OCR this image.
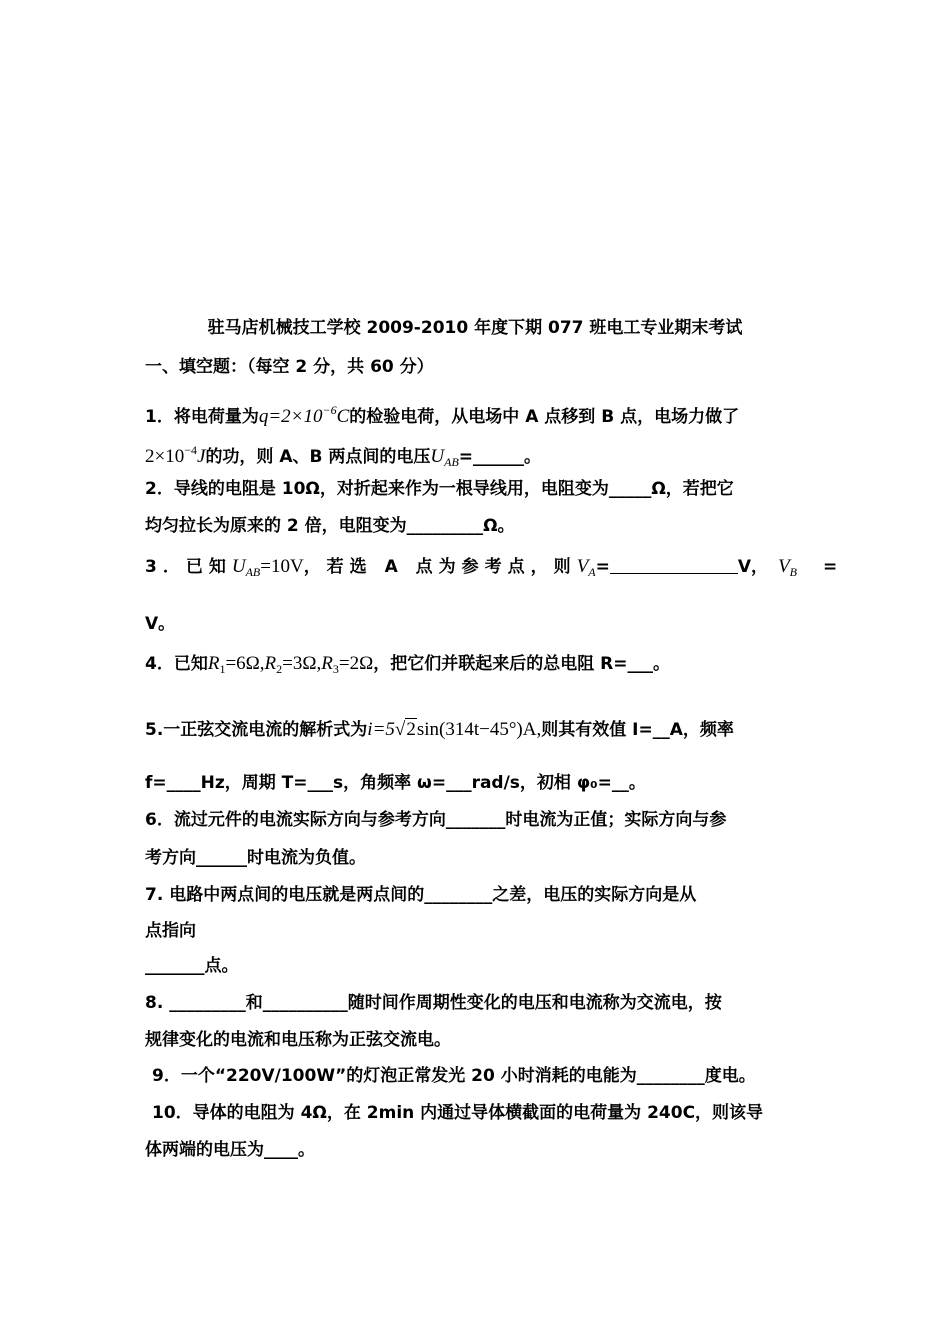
驻马店机械技工学校 2009-2010 年度下期 077 班电工专业期末考试
一、填空题：（每空 2 分，共 60 分）
1．将电荷量为$q=2\times 10^{-6}C$的检验电荷，从电场中 A 点移到 B 点，电场力做了
$2\times 10^{-4}J$的功，则 A、B 两点间的电压$U_{AB}=\_\_\_\_\_\_$。
2．导线的电阻是 10Ω，对折起来作为一根导线用，电阻变为_____Ω，若把它
均匀拉长为原来的 2 倍，电阻变为_________Ω。
3．已知$U_{AB}=10V$，若选 A 点为参考点，则$V_A=$	V， $V_B$ =
V。
4．已知$R_1=6\Omega,R_2=3\Omega,R_3=2\Omega$，把它们并联起来后的总电阻 R=___。
5.一正弦交流电流的解析式为i=5√2sin(314t−45°)A,则其有效值 I=__A，频率
f=____Hz，周期 T=___s，角频率 ω=___rad/s，初相 φ₀=__。
6．流过元件的电流实际方向与参考方向_______时电流为正值；实际方向与参
考方向______时电流为负值。
7. 电路中两点间的电压就是两点间的________之差，电压的实际方向是从
点指向
_______点。
8. _________和__________随时间作周期性变化的电压和电流称为交流电，按
规律变化的电流和电压称为正弦交流电。
9．一个“220V/100W”的灯泡正常发光 20 小时消耗的电能为________度电。
10．导体的电阻为 4Ω，在 2min 内通过导体横截面的电荷量为 240C，则该导
体两端的电压为____。
